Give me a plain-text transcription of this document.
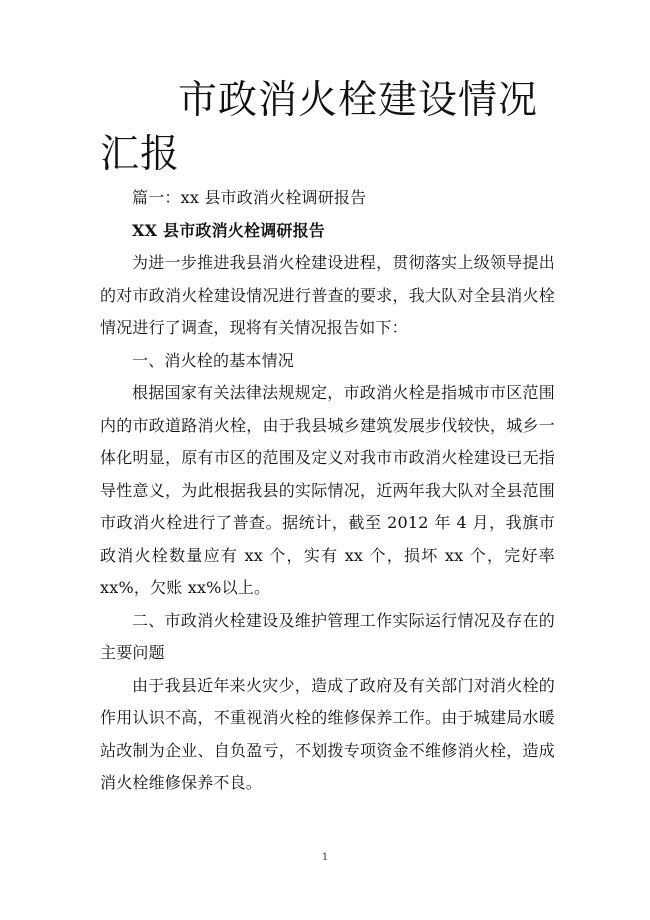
市政消火栓建设情况汇报

篇一：xx 县市政消火栓调研报告

XX 县市政消火栓调研报告

为进一步推进我县消火栓建设进程，贯彻落实上级领导提出的对市政消火栓建设情况进行普查的要求，我大队对全县消火栓情况进行了调查，现将有关情况报告如下：

一、消火栓的基本情况

根据国家有关法律法规规定，市政消火栓是指城市市区范围内的市政道路消火栓，由于我县城乡建筑发展步伐较快，城乡一体化明显，原有市区的范围及定义对我市市政消火栓建设已无指导性意义，为此根据我县的实际情况，近两年我大队对全县范围市政消火栓进行了普查。据统计，截至 2012 年 4 月，我旗市政消火栓数量应有 xx 个，实有 xx 个，损坏 xx 个，完好率 xx%，欠账 xx%以上。

二、市政消火栓建设及维护管理工作实际运行情况及存在的主要问题

由于我县近年来火灾少，造成了政府及有关部门对消火栓的作用认识不高，不重视消火栓的维修保养工作。由于城建局水暖站改制为企业、自负盈亏，不划拨专项资金不维修消火栓，造成消火栓维修保养不良。

1
